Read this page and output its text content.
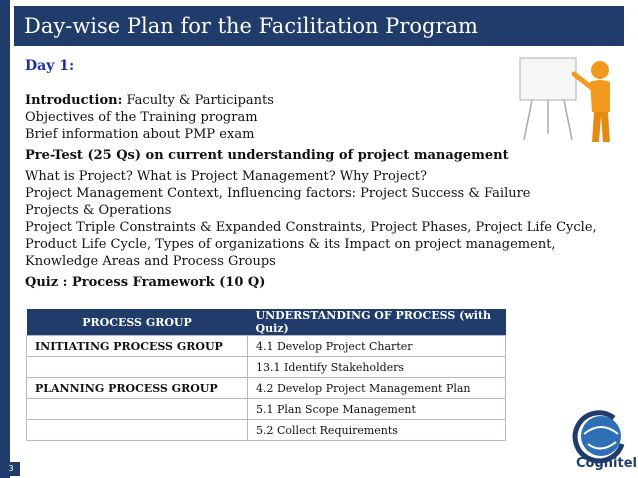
Day-wise Plan for the Facilitation Program
Day 1:
Introduction: Faculty & Participants
Objectives of the Training program
Brief information about PMP exam
Pre-Test (25 Qs) on current understanding of project management
What is Project? What is Project Management? Why Project?
Project Management Context, Influencing factors: Project Success & Failure
Projects & Operations
Project Triple Constraints & Expanded Constraints, Project Phases, Project Life Cycle, Product Life Cycle, Types of organizations & its Impact on project management, Knowledge Areas and Process Groups
Quiz : Process Framework (10 Q)
PROCESS GROUP	UNDERSTANDING OF PROCESS (with Quiz)
INITIATING PROCESS GROUP	4.1 Develop Project Charter
	13.1 Identify Stakeholders
PLANNING PROCESS GROUP	4.2 Develop Project Management Plan
	5.1 Plan Scope Management
	5.2 Collect Requirements
Cognitel
3
